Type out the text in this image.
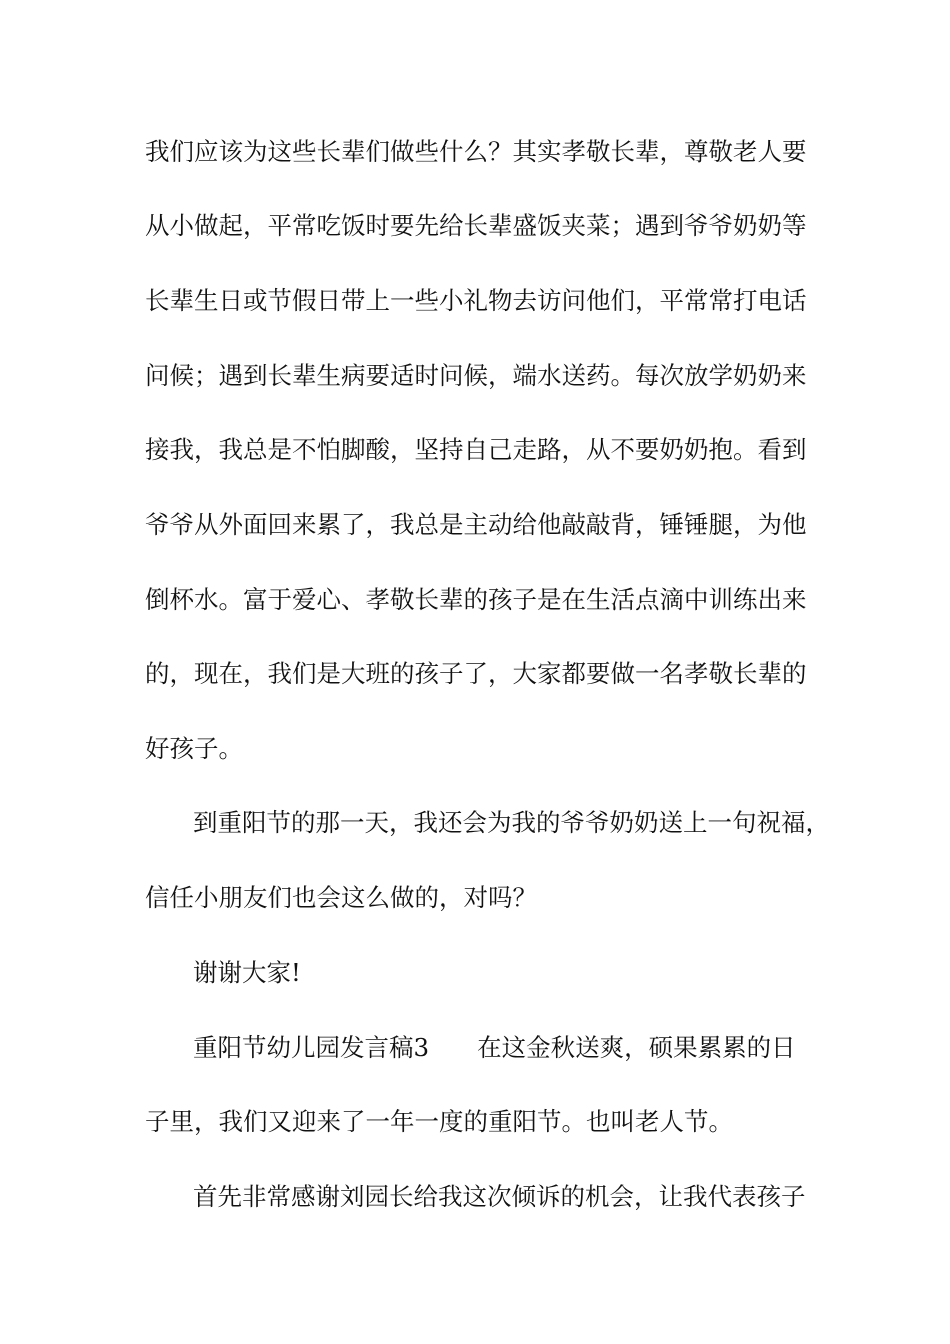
我们应该为这些长辈们做些什么？其实孝敬长辈，尊敬老人要
从小做起，平常吃饭时要先给长辈盛饭夹菜；遇到爷爷奶奶等
长辈生日或节假日带上一些小礼物去访问他们，平常常打电话
问候；遇到长辈生病要适时问候，端水送药。每次放学奶奶来
接我，我总是不怕脚酸，坚持自己走路，从不要奶奶抱。看到
爷爷从外面回来累了，我总是主动给他敲敲背，锤锤腿，为他
倒杯水。富于爱心、孝敬长辈的孩子是在生活点滴中训练出来
的，现在，我们是大班的孩子了，大家都要做一名孝敬长辈的
好孩子。
到重阳节的那一天，我还会为我的爷爷奶奶送上一句祝福，
信任小朋友们也会这么做的，对吗？
谢谢大家!
重阳节幼儿园发言稿3 在这金秋送爽，硕果累累的日
子里，我们又迎来了一年一度的重阳节。也叫老人节。
首先非常感谢刘园长给我这次倾诉的机会，让我代表孩子
